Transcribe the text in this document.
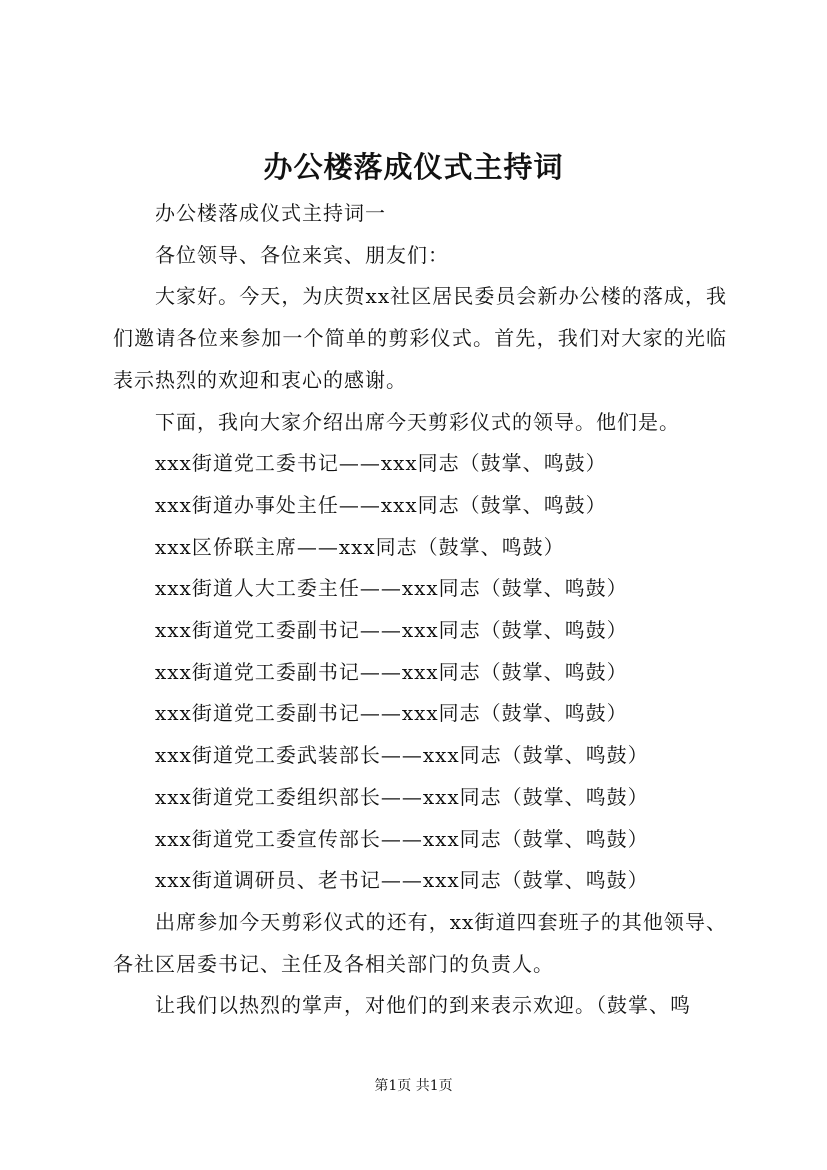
办公楼落成仪式主持词

办公楼落成仪式主持词一

各位领导、各位来宾、朋友们：

大家好。今天，为庆贺xx社区居民委员会新办公楼的落成，我们邀请各位来参加一个简单的剪彩仪式。首先，我们对大家的光临表示热烈的欢迎和衷心的感谢。

下面，我向大家介绍出席今天剪彩仪式的领导。他们是。

xxx街道党工委书记——xxx同志（鼓掌、鸣鼓）

xxx街道办事处主任——xxx同志（鼓掌、鸣鼓）

xxx区侨联主席——xxx同志（鼓掌、鸣鼓）

xxx街道人大工委主任——xxx同志（鼓掌、鸣鼓）

xxx街道党工委副书记——xxx同志（鼓掌、鸣鼓）

xxx街道党工委副书记——xxx同志（鼓掌、鸣鼓）

xxx街道党工委副书记——xxx同志（鼓掌、鸣鼓）

xxx街道党工委武装部长——xxx同志（鼓掌、鸣鼓）

xxx街道党工委组织部长——xxx同志（鼓掌、鸣鼓）

xxx街道党工委宣传部长——xxx同志（鼓掌、鸣鼓）

xxx街道调研员、老书记——xxx同志（鼓掌、鸣鼓）

出席参加今天剪彩仪式的还有，xx街道四套班子的其他领导、各社区居委书记、主任及各相关部门的负责人。

让我们以热烈的掌声，对他们的到来表示欢迎。（鼓掌、鸣

第1页 共1页
